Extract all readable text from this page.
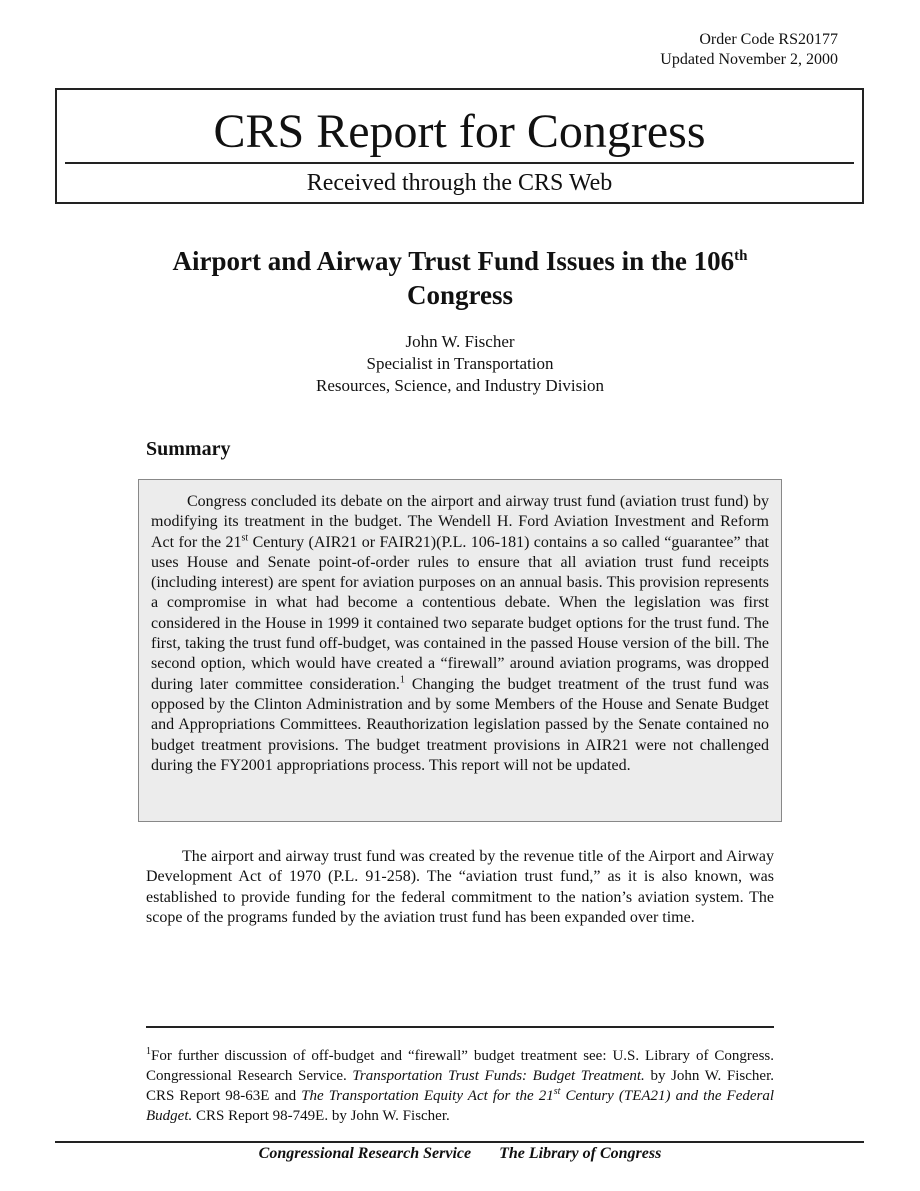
Order Code RS20177
Updated November 2, 2000
CRS Report for Congress
Received through the CRS Web
Airport and Airway Trust Fund Issues in the 106th
Congress
John W. Fischer
Specialist in Transportation
Resources, Science, and Industry Division
Summary

Congress concluded its debate on the airport and airway trust fund (aviation trust fund) by modifying its treatment in the budget. The Wendell H. Ford Aviation Investment and Reform Act for the 21st Century (AIR21 or FAIR21)(P.L. 106-181) contains a so called “guarantee” that uses House and Senate point-of-order rules to ensure that all aviation trust fund receipts (including interest) are spent for aviation purposes on an annual basis. This provision represents a compromise in what had become a contentious debate. When the legislation was first considered in the House in 1999 it contained two separate budget options for the trust fund. The first, taking the trust fund off-budget, was contained in the passed House version of the bill. The second option, which would have created a “firewall” around aviation programs, was dropped during later committee consideration.$^1$ Changing the budget treatment of the trust fund was opposed by the Clinton Administration and by some Members of the House and Senate Budget and Appropriations Committees. Reauthorization legislation passed by the Senate contained no budget treatment provisions. The budget treatment provisions in AIR21 were not challenged during the FY2001 appropriations process. This report will not be updated.

The airport and airway trust fund was created by the revenue title of the Airport and Airway Development Act of 1970 (P.L. 91-258). The “aviation trust fund,” as it is also known, was established to provide funding for the federal commitment to the nation’s aviation system. The scope of the programs funded by the aviation trust fund has been expanded over time.

$^1$For further discussion of off-budget and “firewall” budget treatment see: U.S. Library of Congress. Congressional Research Service. Transportation Trust Funds: Budget Treatment. by John W. Fischer. CRS Report 98-63E and The Transportation Equity Act for the 21st Century (TEA21) and the Federal Budget. CRS Report 98-749E. by John W. Fischer.

Congressional Research Service The Library of Congress
